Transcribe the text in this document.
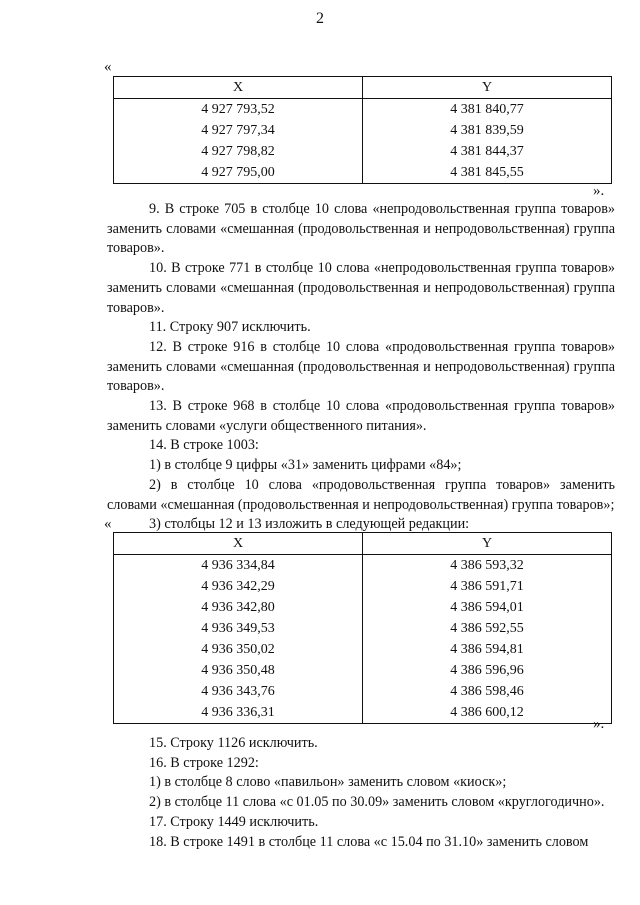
2
«
X	Y
4 927 793,52	4 381 840,77
4 927 797,34	4 381 839,59
4 927 798,82	4 381 844,37
4 927 795,00	4 381 845,55
».

9. В строке 705 в столбце 10 слова «непродовольственная группа товаров» заменить словами «смешанная (продовольственная и непродовольственная) группа товаров».

10. В строке 771 в столбце 10 слова «непродовольственная группа товаров» заменить словами «смешанная (продовольственная и непродовольственная) группа товаров».

11. Строку 907 исключить.

12. В строке 916 в столбце 10 слова «продовольственная группа товаров» заменить словами «смешанная (продовольственная и непродовольственная) группа товаров».

13. В строке 968 в столбце 10 слова «продовольственная группа товаров» заменить словами «услуги общественного питания».

14. В строке 1003:

1) в столбце 9 цифры «31» заменить цифрами «84»;

2) в столбце 10 слова «продовольственная группа товаров» заменить словами «смешанная (продовольственная и непродовольственная) группа товаров»;

3) столбцы 12 и 13 изложить в следующей редакции:

«
X	Y
4 936 334,84	4 386 593,32
4 936 342,29	4 386 591,71
4 936 342,80	4 386 594,01
4 936 349,53	4 386 592,55
4 936 350,02	4 386 594,81
4 936 350,48	4 386 596,96
4 936 343,76	4 386 598,46
4 936 336,31	4 386 600,12
».

15. Строку 1126 исключить.

16. В строке 1292:

1) в столбце 8 слово «павильон» заменить словом «киоск»;

2) в столбце 11 слова «с 01.05 по 30.09» заменить словом «круглогодично».

17. Строку 1449 исключить.

18. В строке 1491 в столбце 11 слова «с 15.04 по 31.10» заменить словом
